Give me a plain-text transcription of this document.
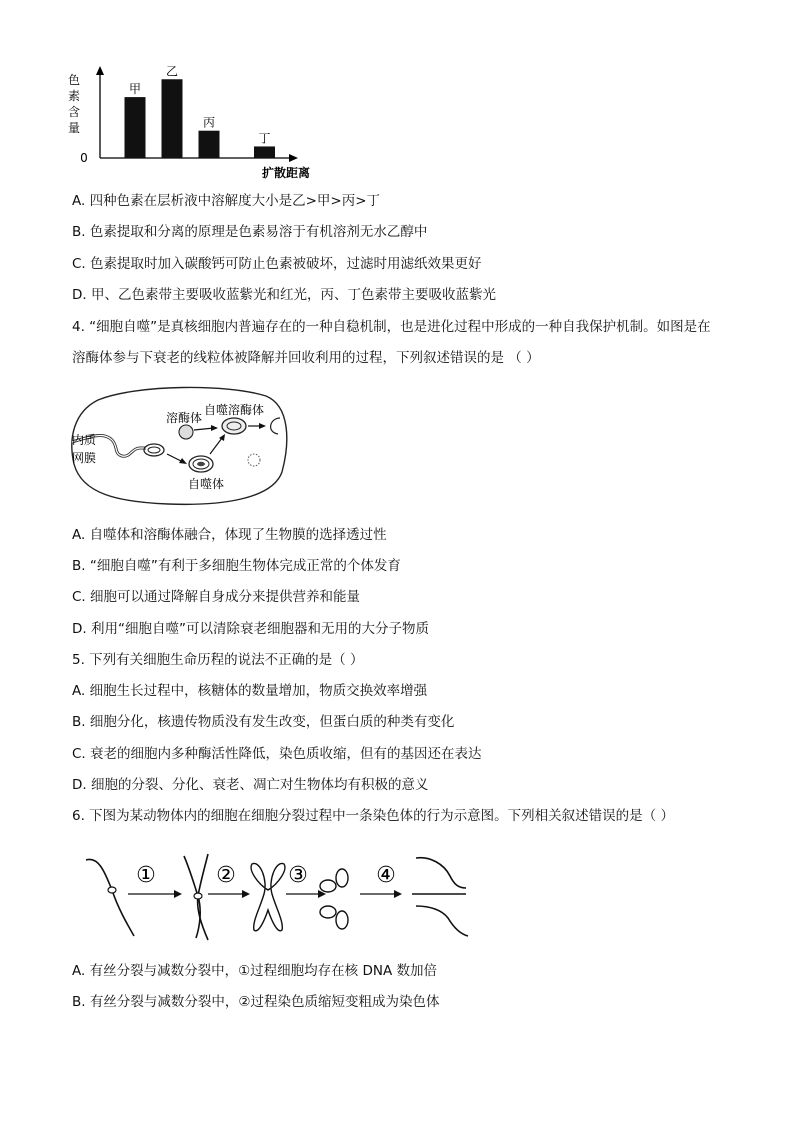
色
素
含
量
0
甲
乙
丙
丁
扩散距离
A. 四种色素在层析液中溶解度大小是乙>甲>丙>丁
B. 色素提取和分离的原理是色素易溶于有机溶剂无水乙醇中
C. 色素提取时加入碳酸钙可防止色素被破坏，过滤时用滤纸效果更好
D. 甲、乙色素带主要吸收蓝紫光和红光，丙、丁色素带主要吸收蓝紫光
4. “细胞自噬”是真核细胞内普遍存在的一种自稳机制，也是进化过程中形成的一种自我保护机制。如图是在
溶酶体参与下衰老的线粒体被降解并回收利用的过程，下列叙述错误的是 （ ）
溶酶体
自噬溶酶体
内质
网膜
自噬体
A. 自噬体和溶酶体融合，体现了生物膜的选择透过性
B. “细胞自噬”有利于多细胞生物体完成正常的个体发育
C. 细胞可以通过降解自身成分来提供营养和能量
D. 利用“细胞自噬”可以清除衰老细胞器和无用的大分子物质
5. 下列有关细胞生命历程的说法不正确的是（ ）
A. 细胞生长过程中，核糖体的数量增加，物质交换效率增强
B. 细胞分化，核遗传物质没有发生改变，但蛋白质的种类有变化
C. 衰老的细胞内多种酶活性降低，染色质收缩，但有的基因还在表达
D. 细胞的分裂、分化、衰老、凋亡对生物体均有积极的意义
6. 下图为某动物体内的细胞在细胞分裂过程中一条染色体的行为示意图。下列相关叙述错误的是（ ）
①	② ③	④
A. 有丝分裂与减数分裂中，①过程细胞均存在核 DNA 数加倍
B. 有丝分裂与减数分裂中，②过程染色质缩短变粗成为染色体
